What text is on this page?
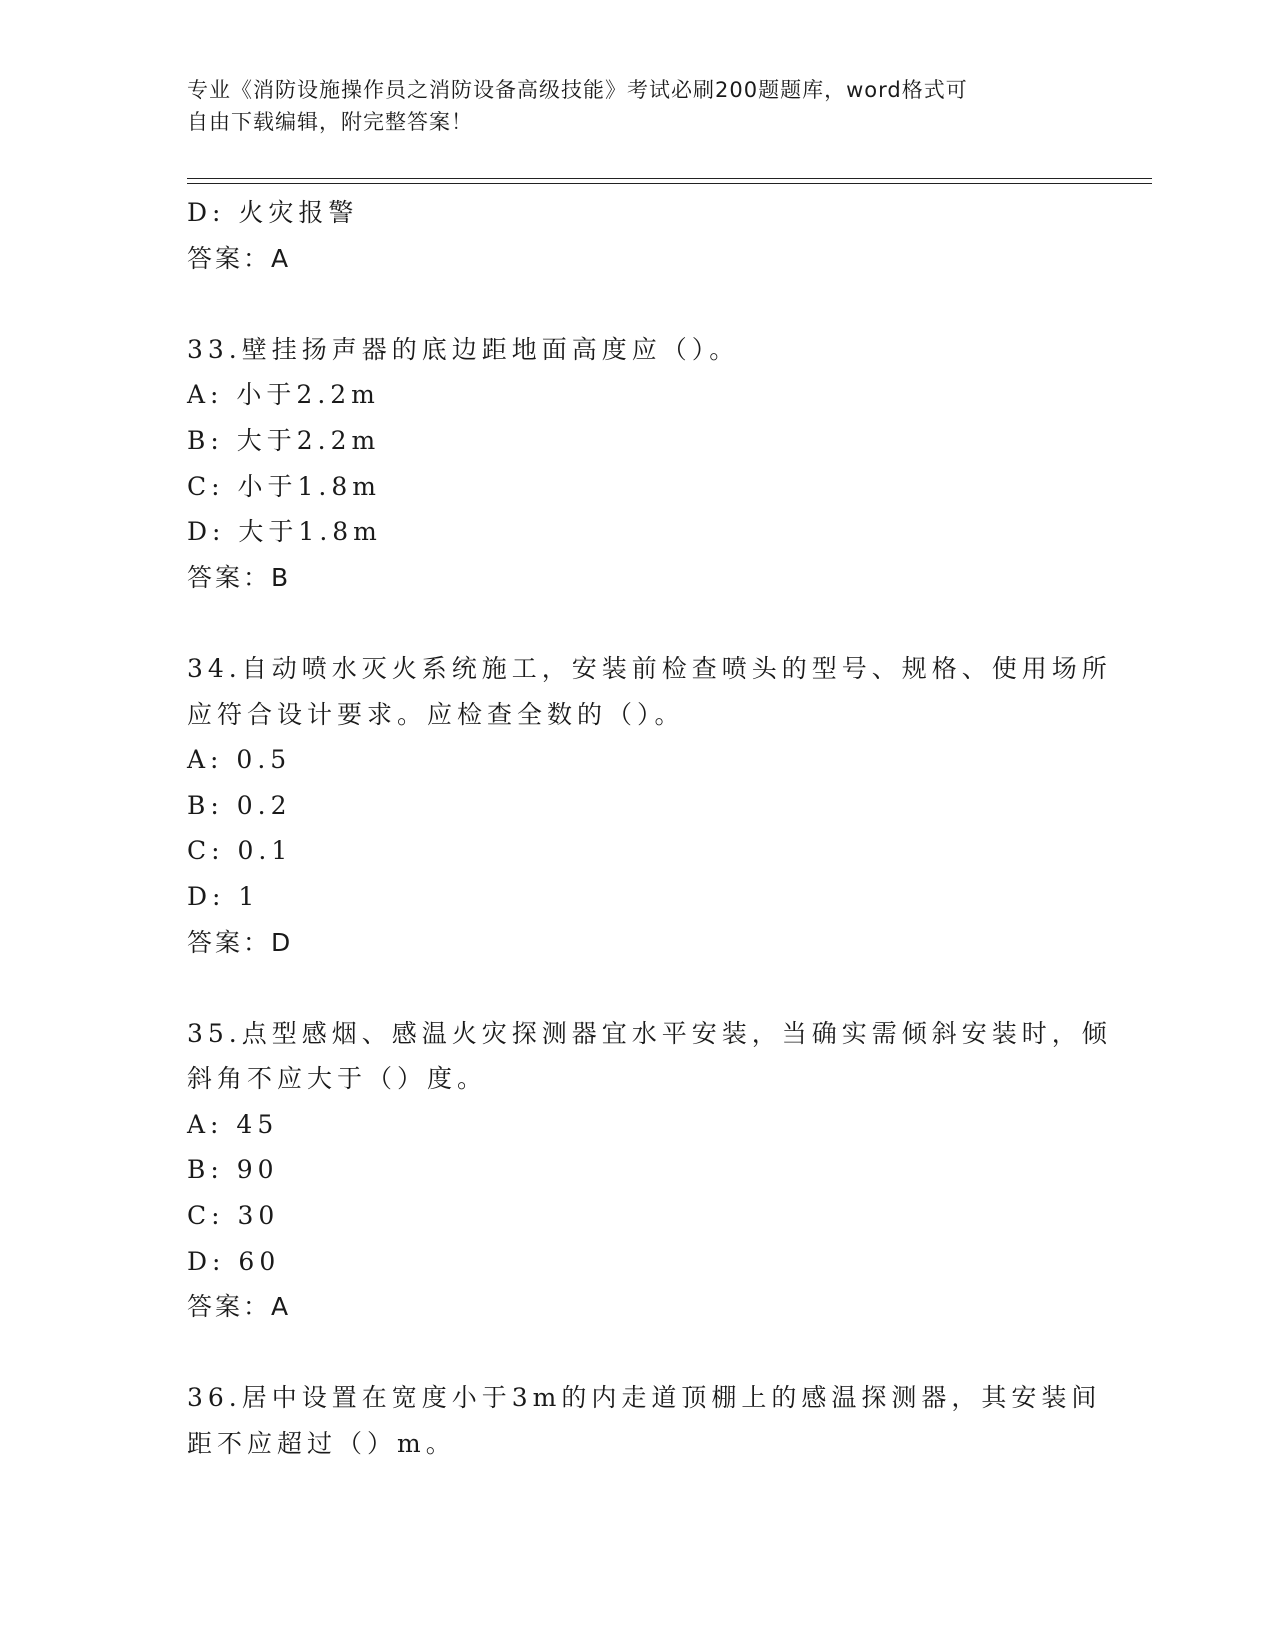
专业《消防设施操作员之消防设备高级技能》考试必刷200题题库，word格式可
自由下载编辑，附完整答案！
D: 火灾报警
答案：A
33.壁挂扬声器的底边距地面高度应（）。
A: 小于2.2m
B: 大于2.2m
C: 小于1.8m
D: 大于1.8m
答案：B
34.自动喷水灭火系统施工，安装前检查喷头的型号、规格、使用场所
应符合设计要求。应检查全数的（）。
A: 0.5
B: 0.2
C: 0.1
D: 1
答案：D
35.点型感烟、感温火灾探测器宜水平安装，当确实需倾斜安装时，倾
斜角不应大于（）度。
A: 45
B: 90
C: 30
D: 60
答案：A
36.居中设置在宽度小于3m的内走道顶棚上的感温探测器，其安装间
距不应超过（）m。
